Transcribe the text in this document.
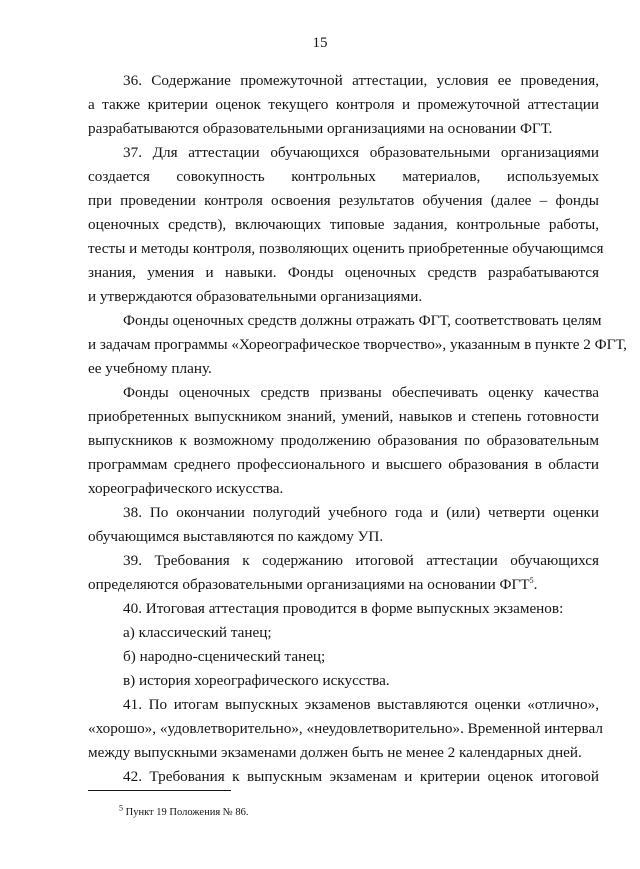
15
36. Содержание промежуточной аттестации, условия ее проведения,
а также критерии оценок текущего контроля и промежуточной аттестации
разрабатываются образовательными организациями на основании ФГТ.
37. Для аттестации обучающихся образовательными организациями
создается совокупность контрольных материалов, используемых
при проведении контроля освоения результатов обучения (далее – фонды
оценочных средств), включающих типовые задания, контрольные работы,
тесты и методы контроля, позволяющих оценить приобретенные обучающимся
знания, умения и навыки. Фонды оценочных средств разрабатываются
и утверждаются образовательными организациями.
Фонды оценочных средств должны отражать ФГТ, соответствовать целям
и задачам программы «Хореографическое творчество», указанным в пункте 2 ФГТ,
ее учебному плану.
Фонды оценочных средств призваны обеспечивать оценку качества
приобретенных выпускником знаний, умений, навыков и степень готовности
выпускников к возможному продолжению образования по образовательным
программам среднего профессионального и высшего образования в области
хореографического искусства.
38. По окончании полугодий учебного года и (или) четверти оценки
обучающимся выставляются по каждому УП.
39. Требования к содержанию итоговой аттестации обучающихся
определяются образовательными организациями на основании ФГТ$^5$.
40. Итоговая аттестация проводится в форме выпускных экзаменов:
а) классический танец;
б) народно-сценический танец;
в) история хореографического искусства.
41. По итогам выпускных экзаменов выставляются оценки «отлично»,
«хорошо», «удовлетворительно», «неудовлетворительно». Временной интервал
между выпускными экзаменами должен быть не менее 2 календарных дней.
42. Требования к выпускным экзаменам и критерии оценок итоговой
$^5$ Пункт 19 Положения № 86.
